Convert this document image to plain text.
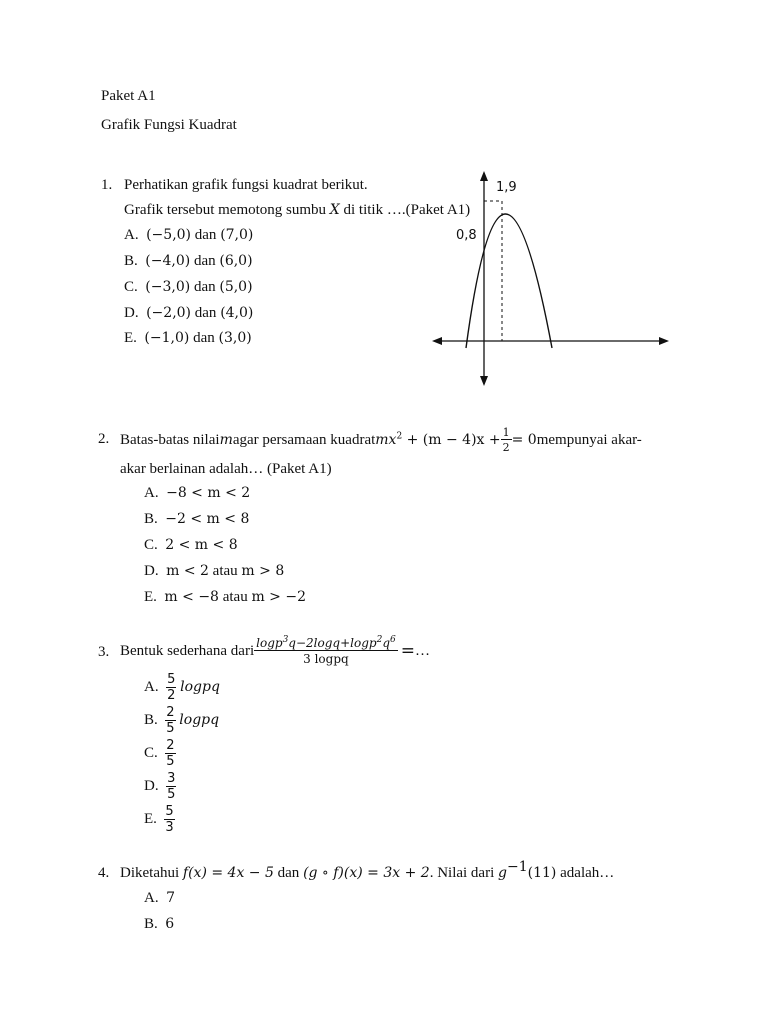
Paket A1
Grafik Fungsi Kuadrat
1. Perhatikan grafik fungsi kuadrat berikut.
Grafik tersebut memotong sumbu X di titik ….(Paket A1)
A. (−5,0) dan (7,0)
B. (−4,0) dan (6,0)
C. (−3,0) dan (5,0)
D. (−2,0) dan (4,0)
E. (−1,0) dan (3,0)
1,9
0,8
2. Batas-batas nilai m agar persamaan kuadrat $mx^2 + (m - 4)x + \frac{1}{2} = 0$ mempunyai akar-
akar berlainan adalah… (Paket A1)
A. −8 < m < 2
B. −2 < m < 8
C. 2 < m < 8
D. m < 2 atau m > 8
E. m < −8 atau m > −2
3. Bentuk sederhana dari $\frac{\log p^3q-2\log q+\log p^2q^6}{\text{3 logpq}}$ = …
A.
$\frac{5}{2}$
logpq
B.
$\frac{2}{5}$
logpq
C.
$\frac{2}{5}$
D.
$\frac{3}{5}$
E.
$\frac{5}{3}$
4. Diketahui f(x) = 4x − 5 dan (g ∘ f)(x) = 3x + 2. Nilai dari $g^{-1}(11)$ adalah…
A. 7
B. 6
